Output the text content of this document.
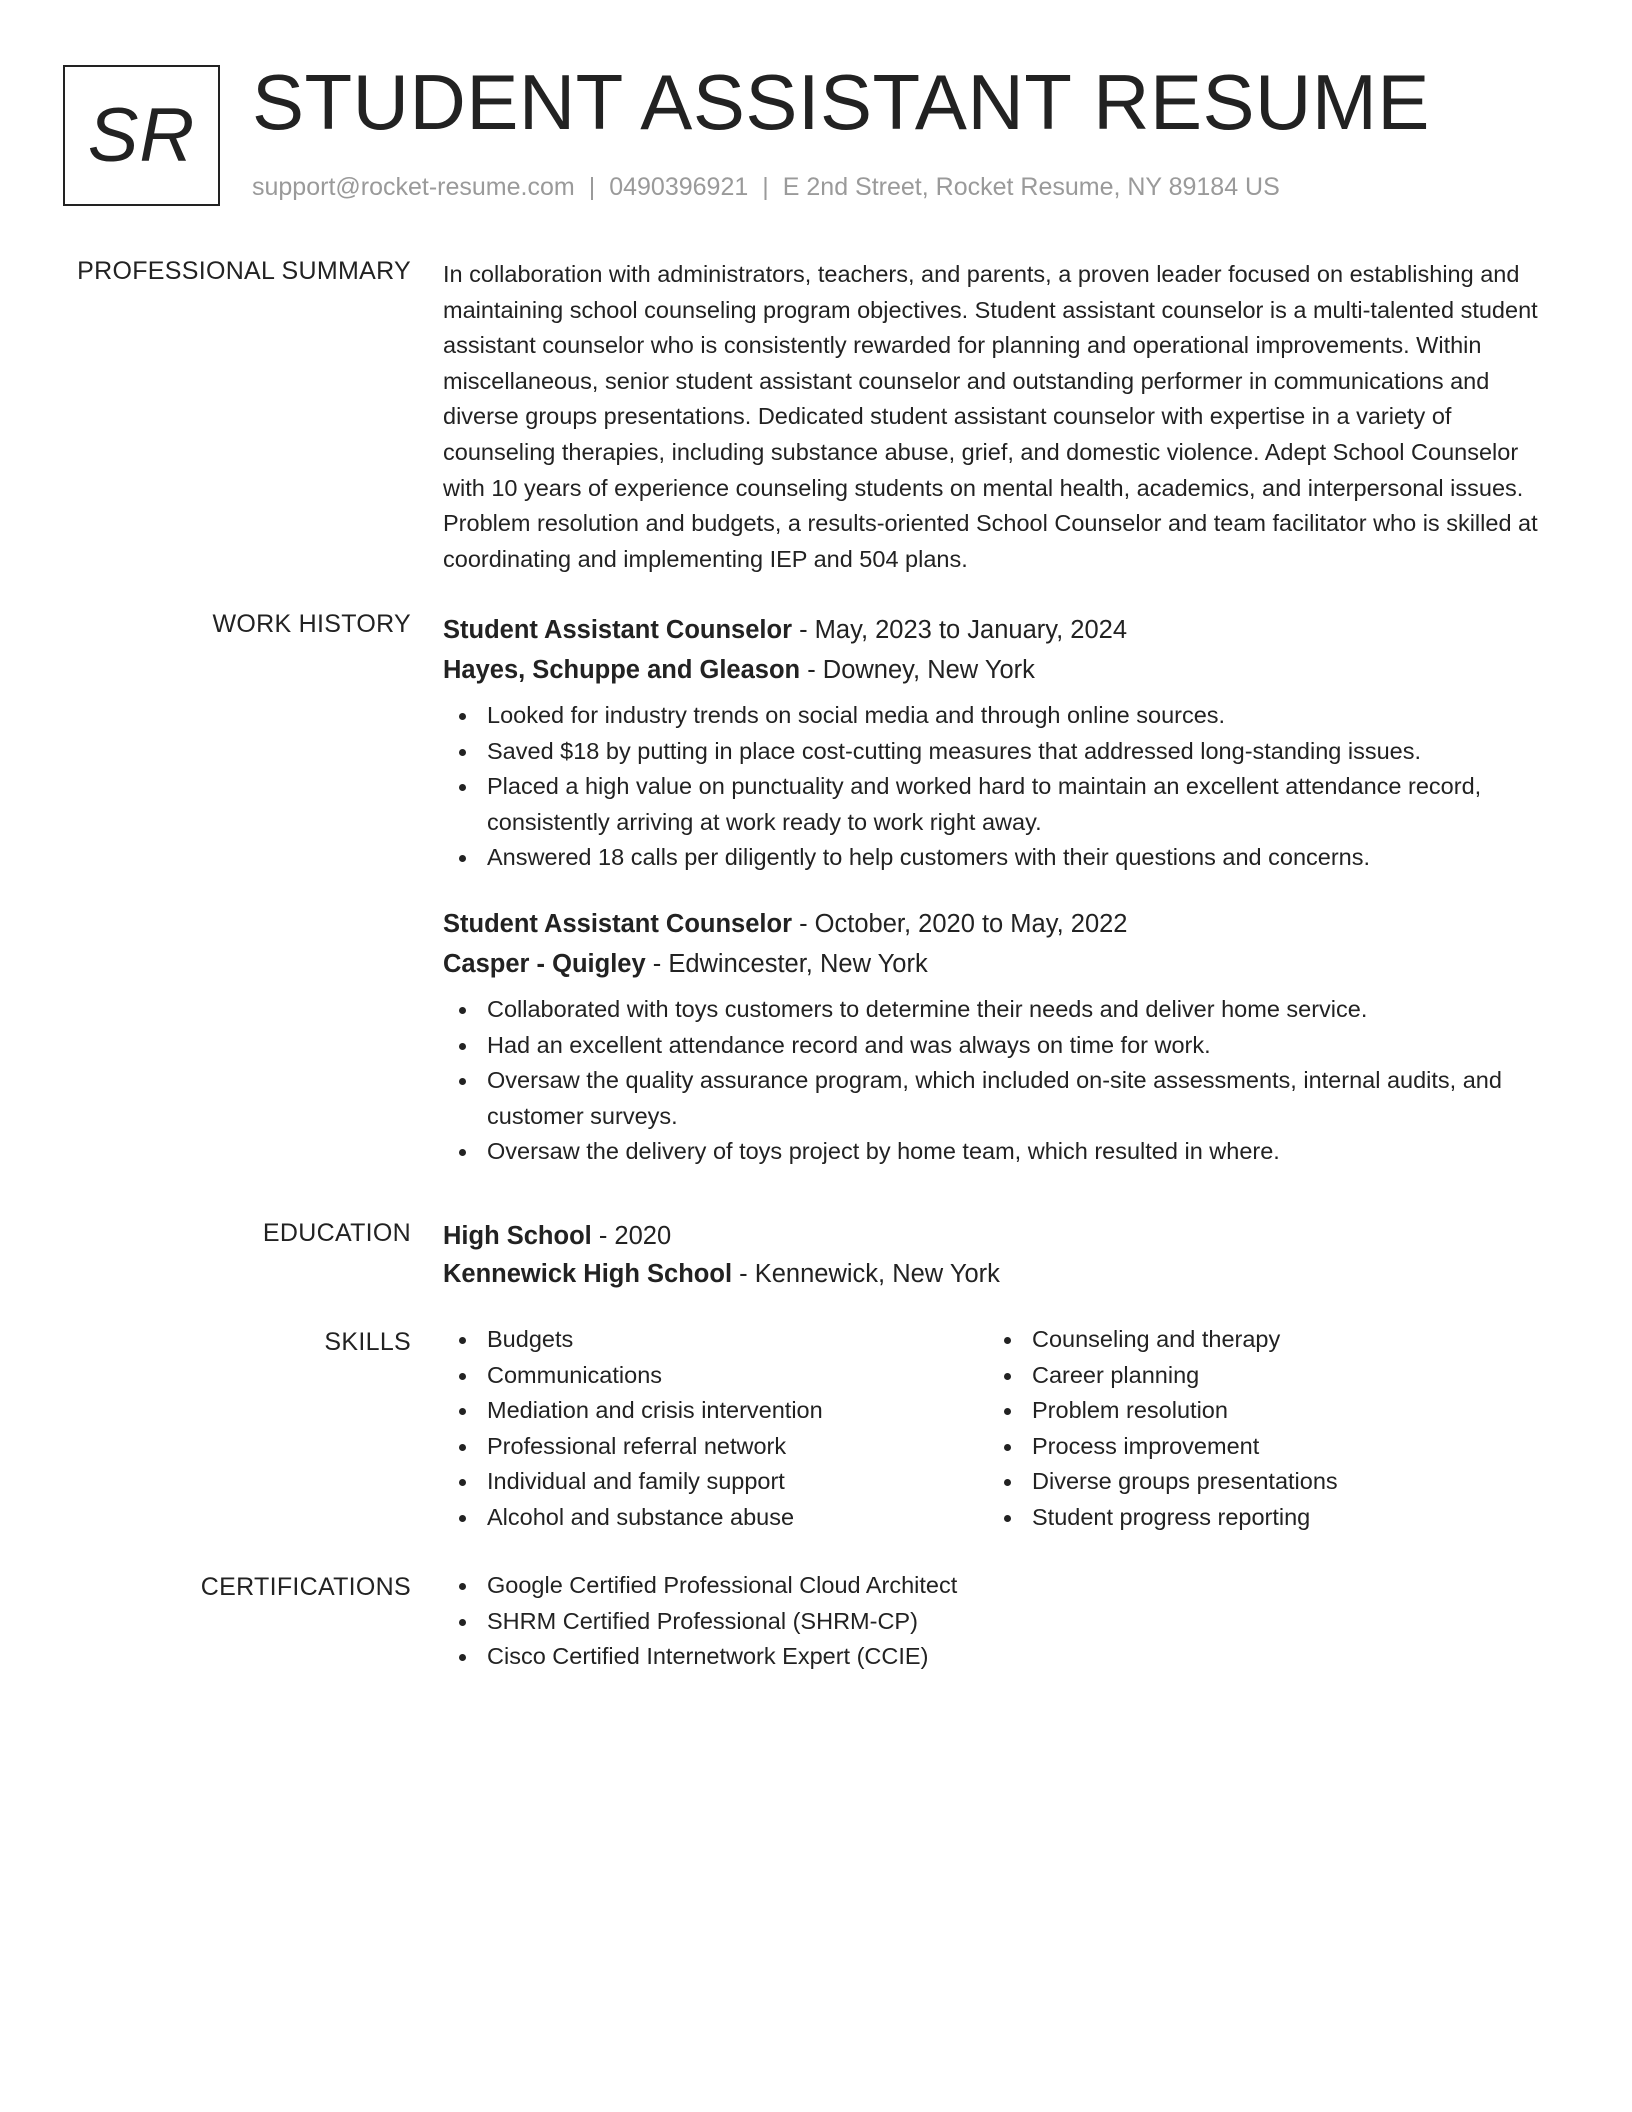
SR STUDENT ASSISTANT RESUME
support@rocket-resume.com | 0490396921 | E 2nd Street, Rocket Resume, NY 89184 US
PROFESSIONAL SUMMARY In collaboration with administrators, teachers, and parents, a proven leader focused on establishing and maintaining school counseling program objectives. Student assistant counselor is a multi-talented student assistant counselor who is consistently rewarded for planning and operational improvements. Within miscellaneous, senior student assistant counselor and outstanding performer in communications and diverse groups presentations. Dedicated student assistant counselor with expertise in a variety of counseling therapies, including substance abuse, grief, and domestic violence. Adept School Counselor with 10 years of experience counseling students on mental health, academics, and interpersonal issues. Problem resolution and budgets, a results-oriented School Counselor and team facilitator who is skilled at coordinating and implementing IEP and 504 plans.

WORK HISTORY Student Assistant Counselor - May, 2023 to January, 2024
Hayes, Schuppe and Gleason - Downey, New York
Looked for industry trends on social media and through online sources.
Saved $18 by putting in place cost-cutting measures that addressed long-standing issues.
Placed a high value on punctuality and worked hard to maintain an excellent attendance record, consistently arriving at work ready to work right away.
Answered 18 calls per diligently to help customers with their questions and concerns.
Student Assistant Counselor - October, 2020 to May, 2022
Casper - Quigley - Edwincester, New York
Collaborated with toys customers to determine their needs and deliver home service.
Had an excellent attendance record and was always on time for work.
Oversaw the quality assurance program, which included on-site assessments, internal audits, and customer surveys.
Oversaw the delivery of toys project by home team, which resulted in where.
EDUCATION High School - 2020
Kennewick High School - Kennewick, New York
SKILLS	Budgets
Communications
Mediation and crisis intervention
Professional referral network
Individual and family support
Alcohol and substance abuse
Counseling and therapy
Career planning
Problem resolution
Process improvement
Diverse groups presentations
Student progress reporting
CERTIFICATIONS	Google Certified Professional Cloud Architect
SHRM Certified Professional (SHRM-CP)
Cisco Certified Internetwork Expert (CCIE)
